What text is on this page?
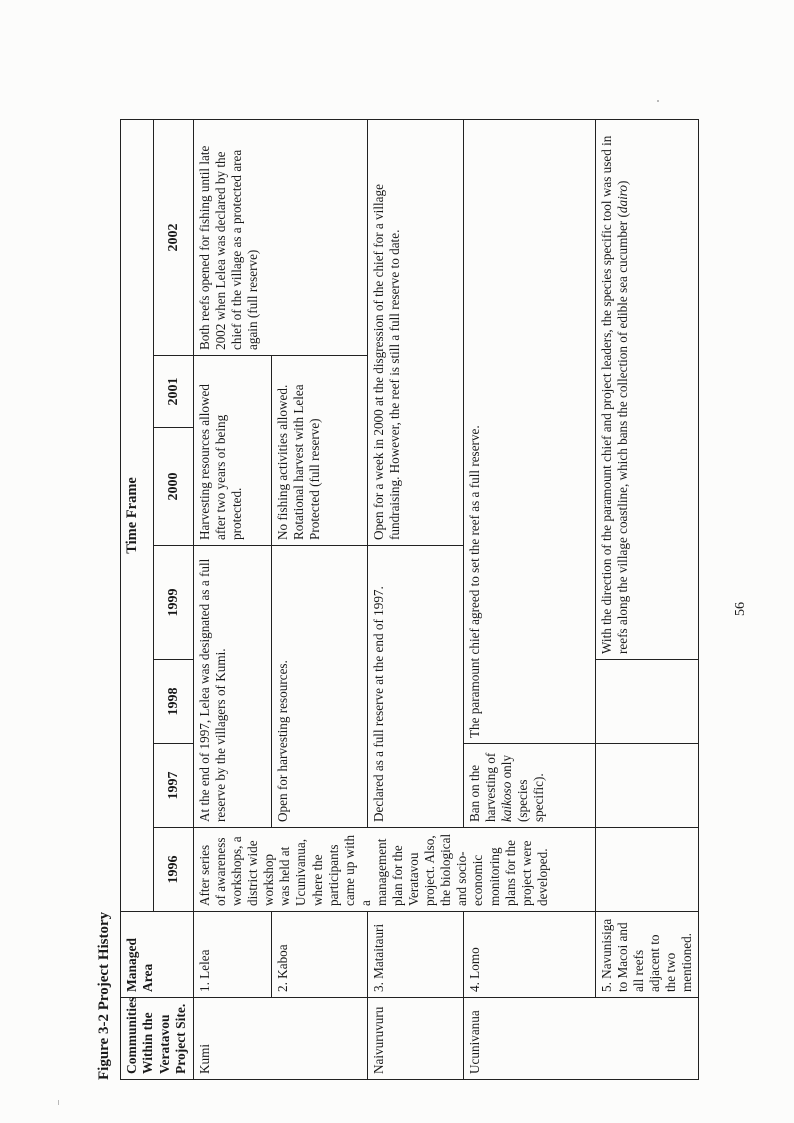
Figure 3-2 Project History Communities Within the Veratavou Project Site.	Managed Area	Time Frame						
		1996	1997	1998	1999	2000	2001	2002
Kumi	1. Lelea	After series of awareness workshops, a district wide workshop was held at Ucunivanua, where the participants came up with a management plan for the Veratavou project. Also, the biological and socio-economic monitoring plans for the project were developed.	At the end of 1997, Lelea was designated as a full reserve by the villagers of Kumi.			Harvesting resources allowed after two years of being protected.		Both reefs opened for fishing until late 2002 when Lelea was declared by the chief of the village as a protected area again (full reserve)
	2. Kaboa		Open for harvesting resources.			No fishing activities allowed. Rotational harvest with Lelea Protected (full reserve)		
Naivuruvuru	3. Mataitauri		Declared as a full reserve at the end of 1997.			Open for a week in 2000 at the disgression of the chief for a village fundraising. However, the reef is still a full reserve to date.		
Ucunivanua	4. Lomo		Ban on the harvesting of kaikoso only (species specific).	The paramount chief agreed to set the reef as a full reserve.				
	5. Navunisiga to Macoi and all reefs adjacent to the two mentioned.				With the direction of the paramount chief and project leaders, the species specific tool was used in reefs along the village coastline, which bans the collection of edible sea cucumber (dairo)			
56
